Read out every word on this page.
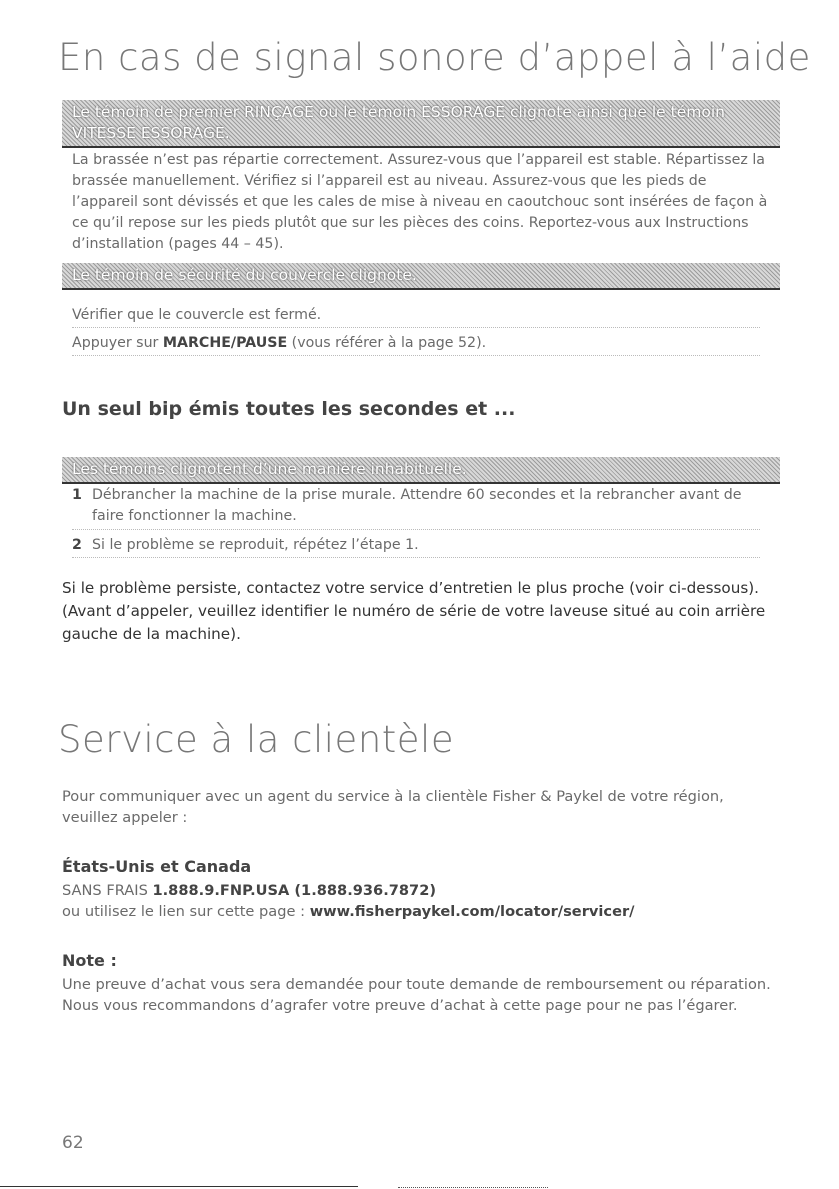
En cas de signal sonore d’appel à l’aide
Le témoin de premier RINÇAGE ou le témoin ESSORAGE clignote ainsi que le témoin VITESSE ESSORAGE.
La brassée n’est pas répartie correctement. Assurez-vous que l’appareil est stable. Répartissez la brassée manuellement. Vérifiez si l’appareil est au niveau. Assurez-vous que les pieds de l’appareil sont dévissés et que les cales de mise à niveau en caoutchouc sont insérées de façon à ce qu’il repose sur les pieds plutôt que sur les pièces des coins. Reportez-vous aux Instructions d’installation (pages 44 – 45).
Le témoin de sécurité du couvercle clignote.
Vérifier que le couvercle est fermé.
Appuyer sur MARCHE/PAUSE (vous référer à la page 52).
Un seul bip émis toutes les secondes et ...
Les témoins clignotent d’une manière inhabituelle.
1 Débrancher la machine de la prise murale. Attendre 60 secondes et la rebrancher avant de faire fonctionner la machine.
2 Si le problème se reproduit, répétez l’étape 1.
Si le problème persiste, contactez votre service d’entretien le plus proche (voir ci-dessous). (Avant d’appeler, veuillez identifier le numéro de série de votre laveuse situé au coin arrière gauche de la machine).
Service à la clientèle
Pour communiquer avec un agent du service à la clientèle Fisher & Paykel de votre région, veuillez appeler :
États-Unis et Canada
SANS FRAIS 1.888.9.FNP.USA (1.888.936.7872)
ou utilisez le lien sur cette page : www.fisherpaykel.com/locator/servicer/
Note :
Une preuve d’achat vous sera demandée pour toute demande de remboursement ou réparation. Nous vous recommandons d’agrafer votre preuve d’achat à cette page pour ne pas l’égarer.
62
